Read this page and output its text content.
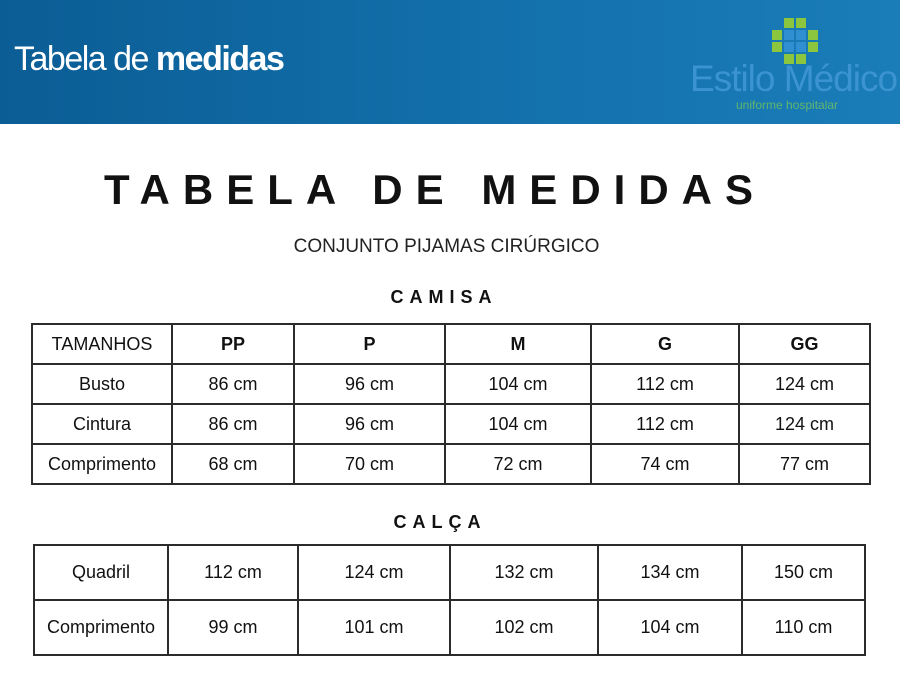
Tabela de medidas	Estilo Médico
uniforme hospitalar
TABELA DE MEDIDAS
CONJUNTO PIJAMAS CIRÚRGICO
CAMISA
TAMANHOS	PP	P	M	G	GG
Busto	86 cm	96 cm	104 cm	112 cm	124 cm
Cintura	86 cm	96 cm	104 cm	112 cm	124 cm
Comprimento	68 cm	70 cm	72 cm	74 cm	77 cm
CALÇA
Quadril	112 cm	124 cm	132 cm	134 cm	150 cm
Comprimento	99 cm	101 cm	102 cm	104 cm	110 cm
